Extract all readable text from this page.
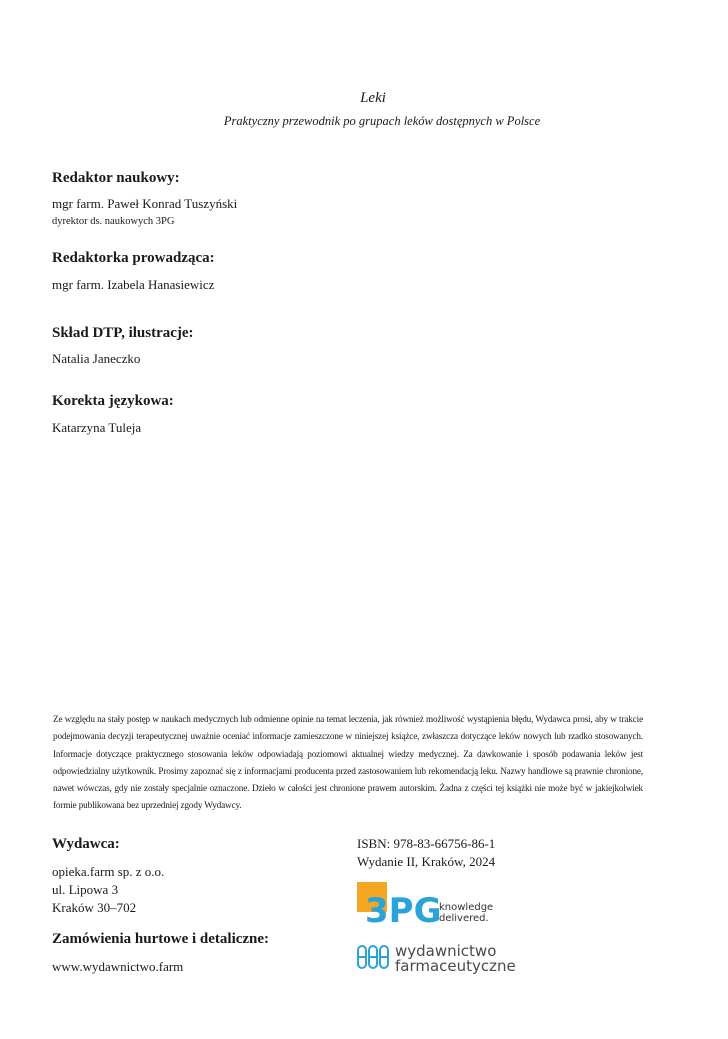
Leki
Praktyczny przewodnik po grupach leków dostępnych w Polsce
Redaktor naukowy:
mgr farm. Paweł Konrad Tuszyński
dyrektor ds. naukowych 3PG
Redaktorka prowadząca:
mgr farm. Izabela Hanasiewicz
Skład DTP, ilustracje:
Natalia Janeczko
Korekta językowa:
Katarzyna Tuleja
Ze względu na stały postęp w naukach medycznych lub odmienne opinie na temat leczenia, jak również możliwość wystąpienia błędu, Wydawca prosi, aby w trakcie podejmowania decyzji terapeutycznej uważnie oceniać informacje zamieszczone w niniejszej książce, zwłaszcza dotyczące leków nowych lub rzadko stosowanych. Informacje dotyczące praktycznego stosowania leków odpowiadają poziomowi aktualnej wiedzy medycznej. Za dawkowanie i sposób podawania leków jest odpowiedzialny użytkownik. Prosimy zapoznać się z informacjami producenta przed zastosowaniem lub rekomendacją leku. Nazwy handlowe są prawnie chronione, nawet wówczas, gdy nie zostały specjalnie oznaczone. Dzieło w całości jest chronione prawem autorskim. Żadna z części tej książki nie może być w jakiejkolwiek formie publikowana bez uprzedniej zgody Wydawcy.
Wydawca:
opieka.farm sp. z o.o.
ul. Lipowa 3
Kraków 30–702
Zamówienia hurtowe i detaliczne:
www.wydawnictwo.farm
ISBN: 978-83-66756-86-1
Wydanie II, Kraków, 2024
3PG
knowledge
delivered.
wydawnictwo
farmaceutyczne
